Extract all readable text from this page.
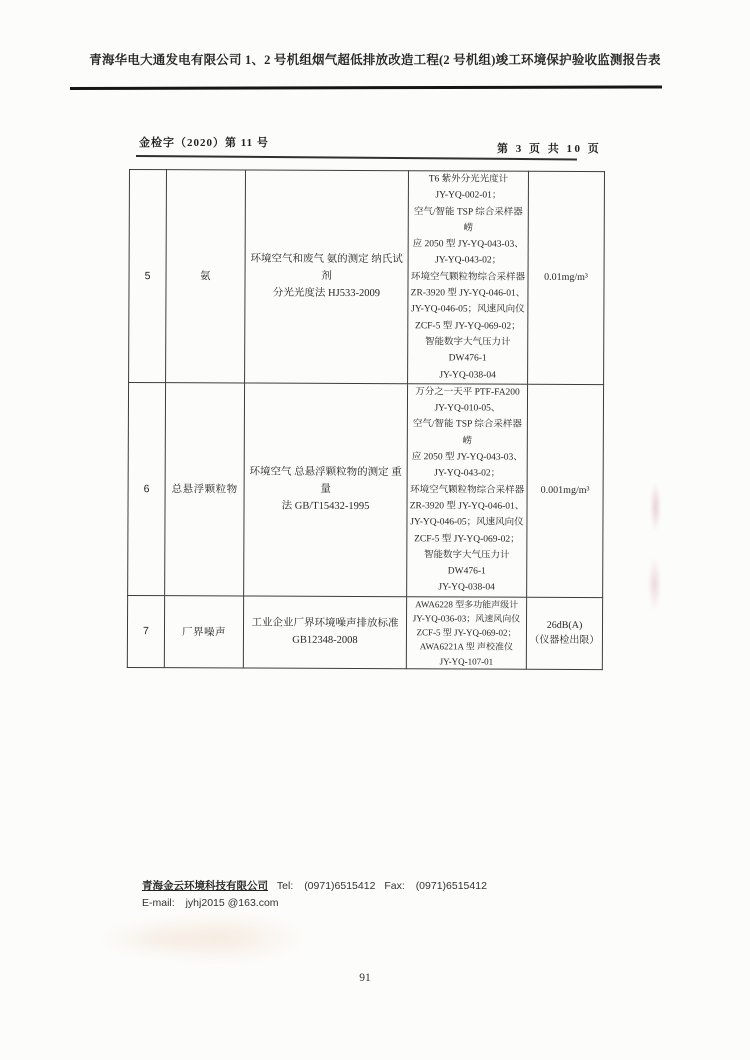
青海华电大通发电有限公司 1、2 号机组烟气超低排放改造工程(2 号机组)竣工环境保护验收监测报告表
金检字（2020）第 11 号	第 3 页 共 10 页
5	氨	环境空气和废气 氨的测定 纳氏试剂
分光光度法 HJ533-2009	T6 紫外分光光度计
JY-YQ-002-01；
空气/智能 TSP 综合采样器崂
应 2050 型 JY-YQ-043-03、
JY-YQ-043-02；
环境空气颗粒物综合采样器
ZR-3920 型 JY-YQ-046-01、
JY-YQ-046-05；风速风向仪
ZCF-5 型 JY-YQ-069-02；
智能数字大气压力计 DW476-1
JY-YQ-038-04	0.01mg/m³
6	总悬浮颗粒物	环境空气 总悬浮颗粒物的测定 重量
法 GB/T15432-1995	万分之一天平 PTF-FA200
JY-YQ-010-05、
空气/智能 TSP 综合采样器崂
应 2050 型 JY-YQ-043-03、
JY-YQ-043-02；
环境空气颗粒物综合采样器
ZR-3920 型 JY-YQ-046-01、
JY-YQ-046-05；风速风向仪
ZCF-5 型 JY-YQ-069-02；
智能数字大气压力计 DW476-1
JY-YQ-038-04	0.001mg/m³
7	厂界噪声	工业企业厂界环境噪声排放标准
GB12348-2008	AWA6228 型多功能声级计
JY-YQ-036-03；风速风向仪
ZCF-5 型 JY-YQ-069-02；
AWA6221A 型 声校准仪
JY-YQ-107-01	26dB(A)
（仪器检出限）
青海金云环境科技有限公司 Tel: (0971)6515412 Fax: (0971)6515412
E-mail: jyhj2015 @163.com
91
